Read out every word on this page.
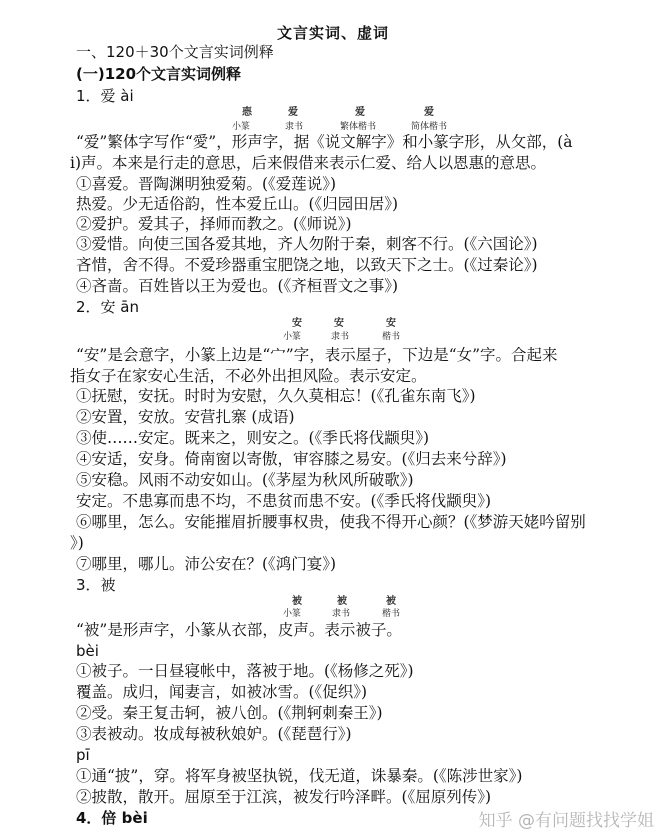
文言实词、虚词
一、120＋30个文言实词例释
(一)120个文言实词例释
1．爱 ài
𢛳	爱	爱	爱
小篆	隶书	繁体楷书	简体楷书
“爱”繁体字写作“愛”，形声字，据《说文解字》和小篆字形，从攵部，(à
i)声。本来是行走的意思，后来假借来表示仁爱、给人以恩惠的意思。
①喜爱。晋陶渊明独爱菊。(《爱莲说》)
热爱。少无适俗韵，性本爱丘山。(《归园田居》)
②爱护。爱其子，择师而教之。(《师说》)
③爱惜。向使三国各爱其地，齐人勿附于秦，刺客不行。(《六国论》)
吝惜，舍不得。不爱珍器重宝肥饶之地，以致天下之士。(《过秦论》)
④吝啬。百姓皆以王为爱也。(《齐桓晋文之事》)
2．安 ān
安	安	安
小篆	隶书	楷书
“安”是会意字，小篆上边是“宀”字，表示屋子，下边是“女”字。合起来
指女子在家安心生活，不必外出担风险。表示安定。
①抚慰，安抚。时时为安慰，久久莫相忘！(《孔雀东南飞》)
②安置，安放。安营扎寨 (成语)
③使……安定。既来之，则安之。(《季氏将伐颛臾》)
④安适，安身。倚南窗以寄傲，审容膝之易安。(《归去来兮辞》)
⑤安稳。风雨不动安如山。(《茅屋为秋风所破歌》)
安定。不患寡而患不均，不患贫而患不安。(《季氏将伐颛臾》)
⑥哪里，怎么。安能摧眉折腰事权贵，使我不得开心颜？(《梦游天姥吟留别
》)
⑦哪里，哪儿。沛公安在？(《鸿门宴》)
3．被
被	被	被
小篆	隶书	楷书
“被”是形声字，小篆从衣部，皮声。表示被子。
bèi
①被子。一日昼寝帐中，落被于地。(《杨修之死》)
覆盖。成归，闻妻言，如被冰雪。(《促织》)
②受。秦王复击轲，被八创。(《荆轲刺秦王》)
③表被动。妆成每被秋娘妒。(《琵琶行》)
pī
①通“披”，穿。将军身被坚执锐，伐无道，诛暴秦。(《陈涉世家》)
②披散，散开。屈原至于江滨，被发行吟泽畔。(《屈原列传》)
4．倍 bèi	知乎 @有问题找找学姐
